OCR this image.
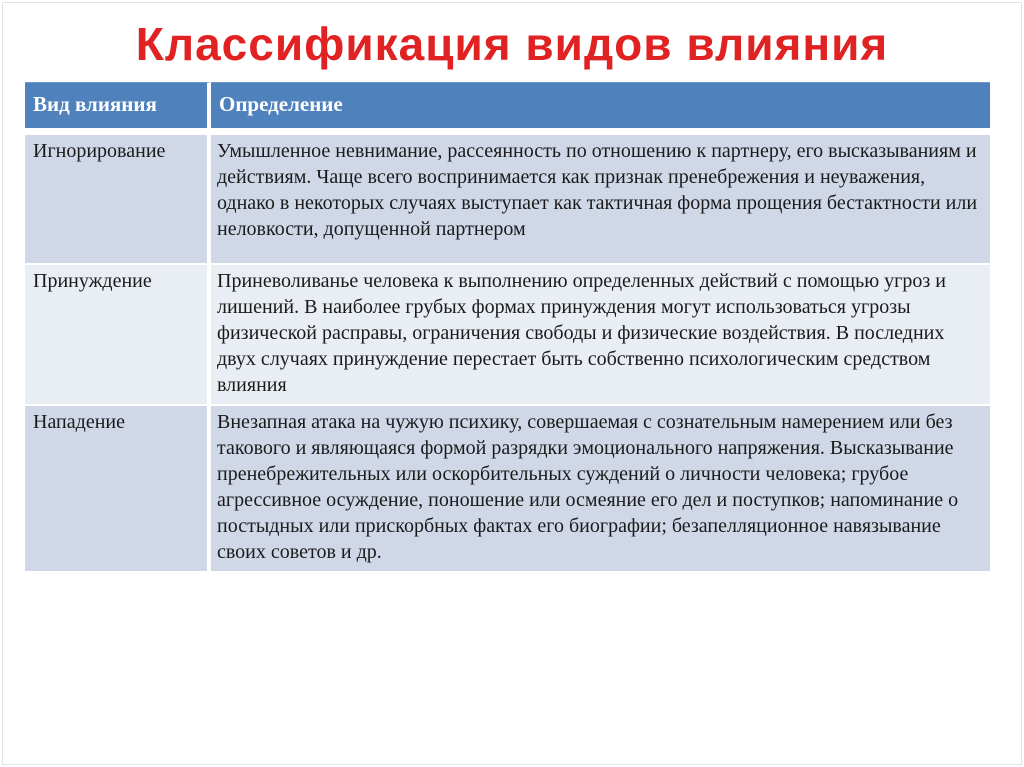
Классификация видов влияния
Вид влияния	Определение
Игнорирование	Умышленное невнимание, рассеянность по отношению к партнеру, его высказываниям и действиям. Чаще всего воспринимается как признак пренебрежения и неуважения, однако в некоторых случаях выступает как тактичная форма прощения бестактности или неловкости, допущенной партнером
Принуждение	Приневоливанье человека к выполнению определенных действий с помощью угроз и лишений. В наиболее грубых формах принуждения могут использоваться угрозы физической расправы, ограничения свободы и физические воздействия. В последних двух случаях принуждение перестает быть собственно психологическим средством влияния
Нападение	Внезапная атака на чужую психику, совершаемая с сознательным намерением или без такового и являющаяся формой разрядки эмоционального напряжения. Высказывание пренебрежительных или оскорбительных суждений о личности человека; грубое агрессивное осуждение, поношение или осмеяние его дел и поступков; напоминание о постыдных или прискорбных фактах его биографии; безапелляционное навязывание своих советов и др.
